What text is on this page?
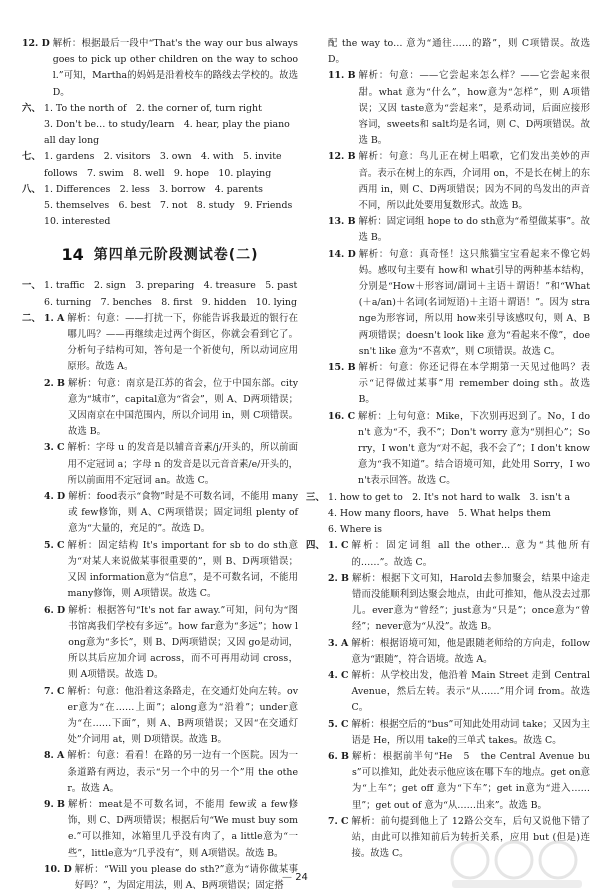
12. D 解析：根据最后一段中“That's the way our bus always goes to pick up other children on the way to school.”可知，Martha的妈妈是沿着校车的路线去学校的。故选 D。
六、 1. To the north of　2. the corner of, turn right
3. Don't be… to study/learn　4. hear, play the piano
all day long
七、 1. gardens　2. visitors　3. own　4. with　5. invite
follows　7. swim　8. well　9. hope　10. playing
八、 1. Differences　2. less　3. borrow　4. parents
5. themselves　6. best　7. not　8. study　9. Friends
10. interested
14 第四单元阶段测试卷(二)
一、 1. traffic　2. sign　3. preparing　4. treasure　5. past
6. turning　7. benches　8. first　9. hidden　10. lying
二、 1. A 解析：句意：——打扰一下，你能告诉我最近的银行在哪儿吗？——再继续走过两个街区，你就会看到它了。分析句子结构可知，答句是一个祈使句，所以动词应用原形。故选 A。
2. B 解析：句意：南京是江苏的省会，位于中国东部。city意为“城市”，capital意为“省会”，则 A、D两项错误；又因南京在中国范围内，所以介词用 in，则 C项错误。故选 B。
3. C 解析：字母 u 的发音是以辅音音素/j/开头的，所以前面用不定冠词 a；字母 n 的发音是以元音音素/e/开头的，所以前面用不定冠词 an。故选 C。
4. D 解析：food表示“食物”时是不可数名词，不能用 many或 few修饰，则 A、C两项错误；固定词组 plenty of意为“大量的，充足的”。故选 D。
5. C 解析：固定结构 It's important for sb to do sth意为“对某人来说做某事很重要的”，则 B、D两项错误；又因 information意为“信息”，是不可数名词，不能用 many修饰，则 A项错误。故选 C。
6. D 解析：根据答句“It's not far away.”可知，问句为“图书馆离我们学校有多远”。how far意为“多远”；how long意为“多长”，则 B、D两项错误；又因 go是动词，所以其后应加介词 across，而不可再用动词 cross，则 A项错误。故选 D。
7. C 解析：句意：他沿着这条路走，在交通灯处向左转。over意为“在……上面”；along意为“沿着”；under意为“在……下面”，则 A、B两项错误；又因“在交通灯处”介词用 at，则 D项错误。故选 B。
8. A 解析：句意：看看！在路的另一边有一个医院。因为一条道路有两边，表示“另一个中的另一个”用 the other。故选 A。
9. B 解析：meat是不可数名词，不能用 few或 a few修饰，则 C、D两项错误；根据后句“We must buy some.”可以推知，冰箱里几乎没有肉了，a little意为“一些”，little意为“几乎没有”，则 A项错误。故选 B。
10. D 解析：“Will you please do sth?”意为“请你做某事好吗？”，为固定用法，则 A、B两项错误；固定搭
配 the way to… 意为“通往……的路”，则 C项错误。故选 D。
11. B 解析：句意：——它尝起来怎么样？——它尝起来很甜。what 意为“什么”，how意为“怎样”，则 A项错误；又因 taste意为“尝起来”，是系动词，后面应接形容词，sweets和 salt均是名词，则 C、D两项错误。故选 B。
12. B 解析：句意：鸟儿正在树上唱歌，它们发出美妙的声音。表示在树上的东西，介词用 on，不是长在树上的东西用 in，则 C、D两项错误；因为不同的鸟发出的声音不同，所以此处要用复数形式。故选 B。
13. B 解析：固定词组 hope to do sth意为“希望做某事”。故选 B。
14. D 解析：句意：真奇怪！这只熊猫宝宝看起来不像它妈妈。感叹句主要有 how和 what引导的两种基本结构，分别是“How＋形容词/副词＋主语＋谓语！”和“What(＋a/an)＋名词(名词短语)＋主语＋谓语！”。因为 strange为形容词，所以用 how来引导该感叹句，则 A、B两项错误；doesn't look like 意为“看起来不像”，doesn't like 意为“不喜欢”，则 C项错误。故选 C。
15. B 解析：句意：你还记得在本学期第一天见过他吗？表示“记得做过某事”用 remember doing sth。故选 B。
16. C 解析：上句句意：Mike，下次别再迟到了。No，I don't 意为“不，我不”；Don't worry 意为“别担心”；Sorry，I won't 意为“对不起，我不会了”；I don't know 意为“我不知道”。结合语境可知，此处用 Sorry，I won't表示回答。故选 C。
三、 1. how to get to　2. It's not hard to walk　3. isn't a
4. How many floors, have　5. What helps them
6. Where is
四、 1. C 解析：固定词组 all the other… 意为“其他所有的……”。故选 C。
2. B 解析：根据下文可知，Harold去参加聚会，结果中途走错而没能顺利到达聚会地点，由此可推知，他从没去过那儿。ever意为“曾经”；just意为“只是”；once意为“曾经”；never意为“从没”。故选 B。
3. A 解析：根据语境可知，他是跟随老师给的方向走，follow 意为“跟随”，符合语境。故选 A。
4. C 解析：从学校出发，他沿着 Main Street 走到 Central Avenue，然后左转。表示“从……”用介词 from。故选 C。
5. C 解析：根据空后的“bus”可知此处用动词 take；又因为主语是 He，所以用 take的三单式 takes。故选 C。
6. B 解析：根据前半句“He　5　the Central Avenue bus”可以推知，此处表示他应该在哪下车的地点。get on意为“上车”；get off 意为“下车”；get in意为“进入……里”；get out of 意为“从……出来”。故选 B。
7. C 解析：前句提到他上了 12路公交车，后句又说他下错了站，由此可以推知前后为转折关系，应用 but (但是)连接。故选 C。
— 24
